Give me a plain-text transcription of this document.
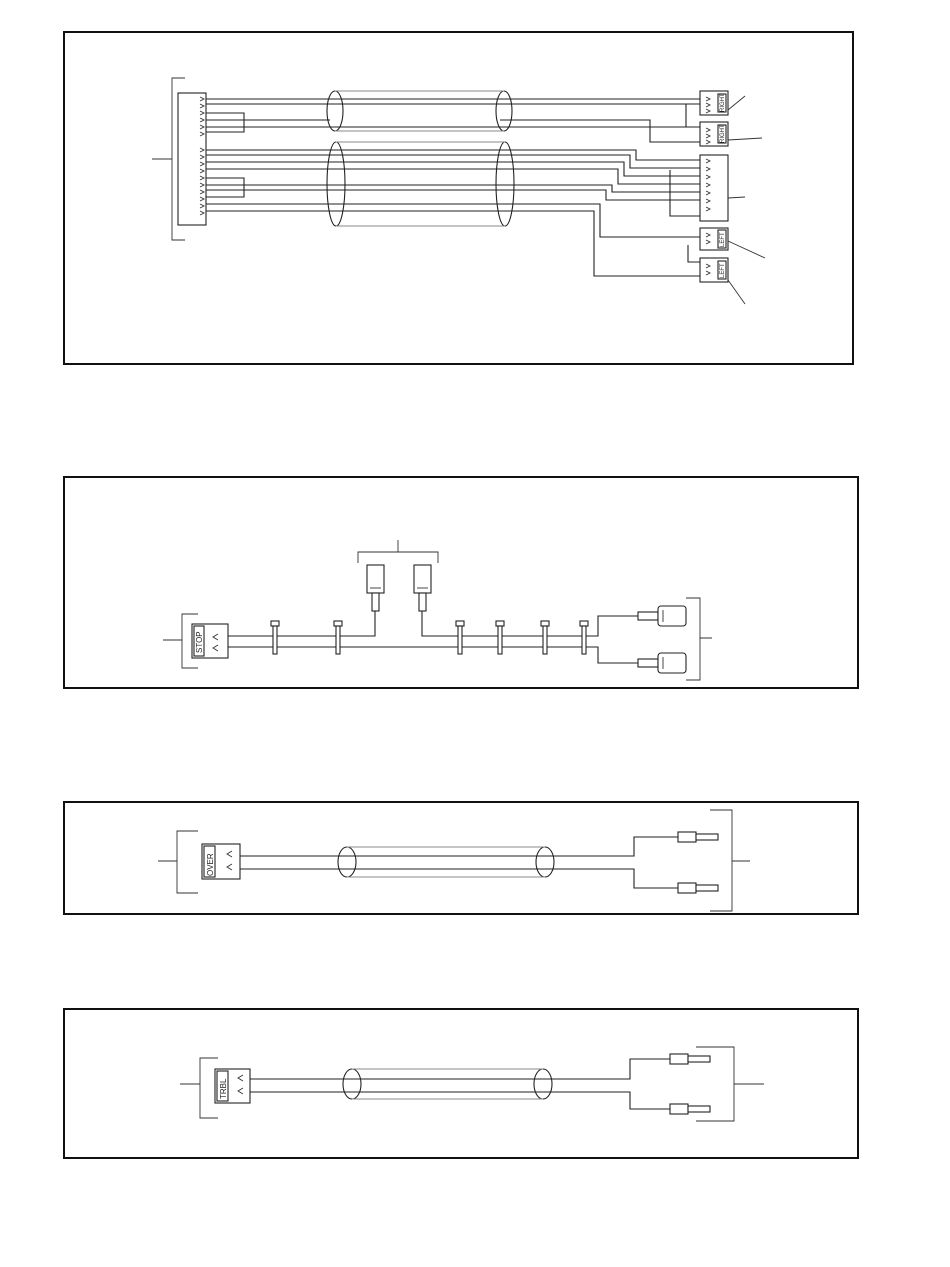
RIGHT
RIGHT
LEFT
LEFT
STOP
OVER
TRBL
